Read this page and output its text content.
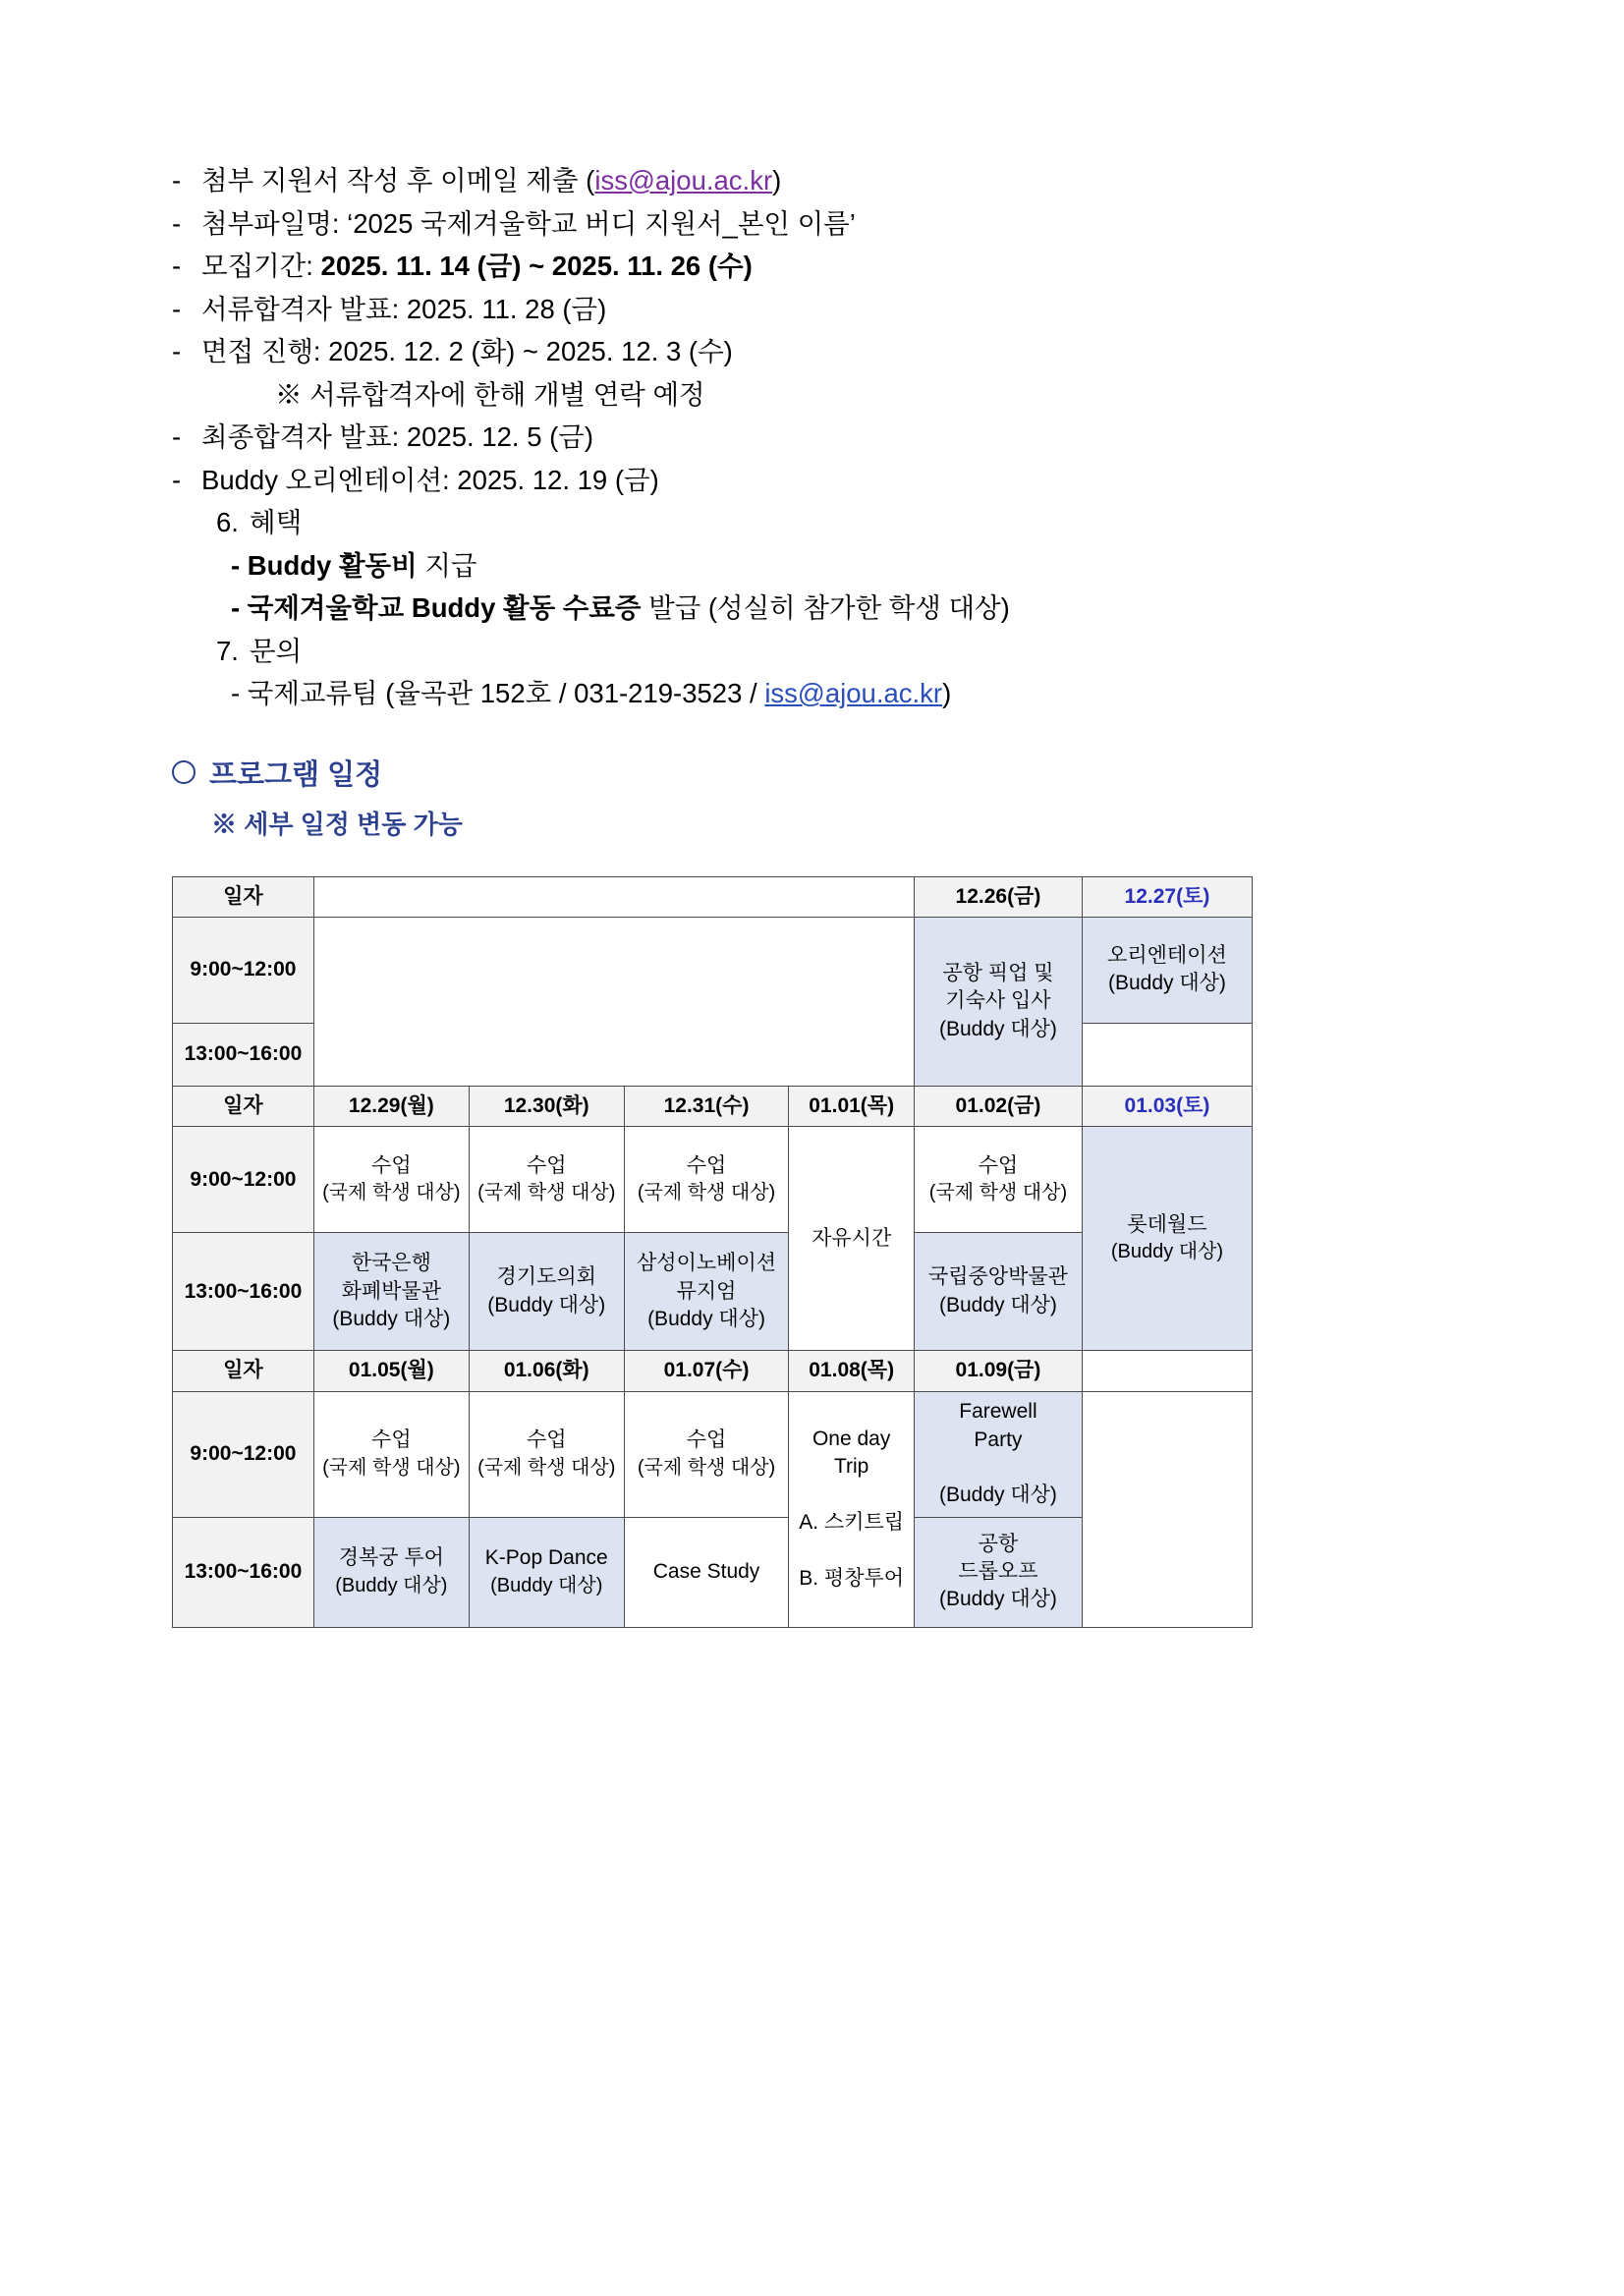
- 첨부 지원서 작성 후 이메일 제출 (iss@ajou.ac.kr)
- 첨부파일명: ‘2025 국제겨울학교 버디 지원서_본인 이름’
- 모집기간: 2025. 11. 14 (금) ~ 2025. 11. 26 (수)
- 서류합격자 발표: 2025. 11. 28 (금)
- 면접 진행: 2025. 12. 2 (화) ~ 2025. 12. 3 (수)

※ 서류합격자에 한해 개별 연락 예정
- 최종합격자 발표: 2025. 12. 5 (금)
- Buddy 오리엔테이션: 2025. 12. 19 (금)
6. 혜택
- Buddy 활동비 지급
- 국제겨울학교 Buddy 활동 수료증 발급 (성실히 참가한 학생 대상)
7. 문의
- 국제교류팀 (율곡관 152호 / 031-219-3523 / iss@ajou.ac.kr )
프로그램 일정
※ 세부 일정 변동 가능
일자					12.26(금)	12.27(토)
9:00~12:00					공항 픽업 및
기숙사 입사
(Buddy 대상)	오리엔테이션
(Buddy 대상)

13:00~16:00						
일자	12.29(월)	12.30(화)	12.31(수)	01.01(목)	01.02(금)	01.03(토)
9:00~12:00	수업
(국제 학생 대상)	수업
(국제 학생 대상)	수업
(국제 학생 대상)	자유시간	수업
(국제 학생 대상)	롯데월드
(Buddy 대상)

13:00~16:00	한국은행
화폐박물관
(Buddy 대상)	경기도의회
(Buddy 대상)	삼성이노베이션
뮤지엄
(Buddy 대상)		국립중앙박물관
(Buddy 대상)	

일자	01.05(월)	01.06(화)	01.07(수)	01.08(목)	01.09(금)	
9:00~12:00	수업
(국제 학생 대상)	수업
(국제 학생 대상)	수업
(국제 학생 대상)	One day Trip

A. 스키트립

B. 평창투어	Farewell
Party

(Buddy 대상)	

13:00~16:00	경복궁 투어
(Buddy 대상)	K-Pop Dance
(Buddy 대상)	Case Study		공항
드롭오프
(Buddy 대상)	
